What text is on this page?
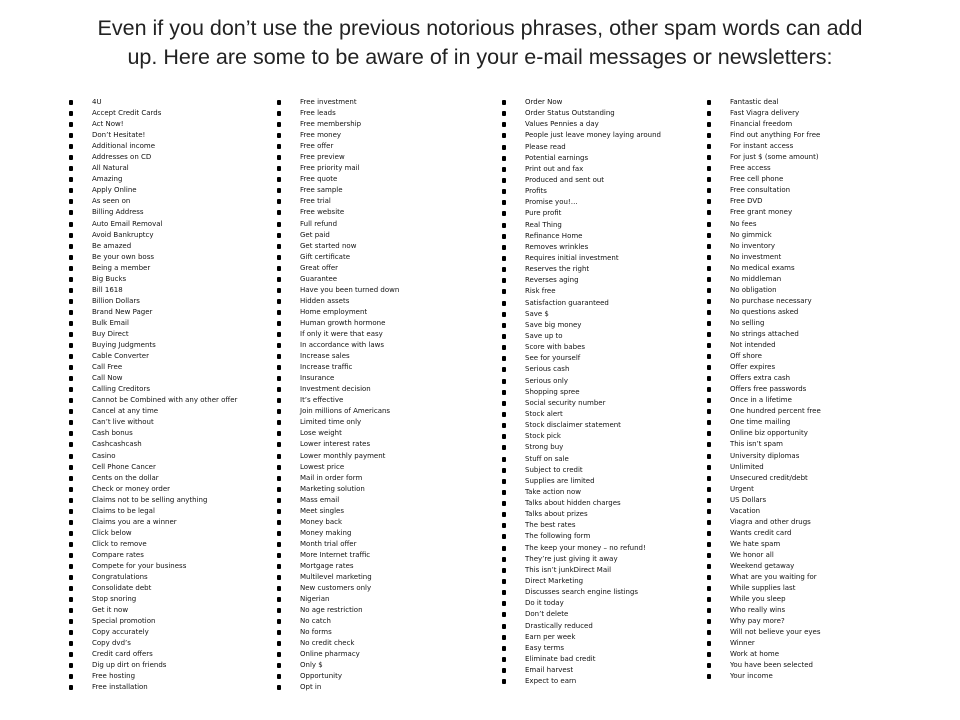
Even if you don’t use the previous notorious phrases, other spam words can add
up. Here are some to be aware of in your e-mail messages or newsletters:
4U
Accept Credit Cards
Act Now!
Don’t Hesitate!
Additional income
Addresses on CD
All Natural
Amazing
Apply Online
As seen on
Billing Address
Auto Email Removal
Avoid Bankruptcy
Be amazed
Be your own boss
Being a member
Big Bucks
Bill 1618
Billion Dollars
Brand New Pager
Bulk Email
Buy Direct
Buying Judgments
Cable Converter
Call Free
Call Now
Calling Creditors
Cannot be Combined with any other offer
Cancel at any time
Can’t live without
Cash bonus
Cashcashcash
Casino
Cell Phone Cancer
Cents on the dollar
Check or money order
Claims not to be selling anything
Claims to be legal
Claims you are a winner
Click below
Click to remove
Compare rates
Compete for your business
Congratulations
Consolidate debt
Stop snoring
Get it now
Special promotion
Copy accurately
Copy dvd’s
Credit card offers
Dig up dirt on friends
Free hosting
Free installation
Free investment
Free leads
Free membership
Free money
Free offer
Free preview
Free priority mail
Free quote
Free sample
Free trial
Free website
Full refund
Get paid
Get started now
Gift certificate
Great offer
Guarantee
Have you been turned down
Hidden assets
Home employment
Human growth hormone
If only it were that easy
In accordance with laws
Increase sales
Increase traffic
Insurance
Investment decision
It’s effective
Join millions of Americans
Limited time only
Lose weight
Lower interest rates
Lower monthly payment
Lowest price
Mail in order form
Marketing solution
Mass email
Meet singles
Money back
Money making
Month trial offer
More Internet traffic
Mortgage rates
Multilevel marketing
New customers only
Nigerian
No age restriction
No catch
No forms
No credit check
Online pharmacy
Only $
Opportunity
Opt in
Order Now
Order Status Outstanding
Values Pennies a day
People just leave money laying around
Please read
Potential earnings
Print out and fax
Produced and sent out
Profits
Promise you!…
Pure profit
Real Thing
Refinance Home
Removes wrinkles
Requires initial investment
Reserves the right
Reverses aging
Risk free
Satisfaction guaranteed
Save $
Save big money
Save up to
Score with babes
See for yourself
Serious cash
Serious only
Shopping spree
Social security number
Stock alert
Stock disclaimer statement
Stock pick
Strong buy
Stuff on sale
Subject to credit
Supplies are limited
Take action now
Talks about hidden charges
Talks about prizes
The best rates
The following form
The keep your money – no refund!
They’re just giving it away
This isn’t junkDirect Mail
Direct Marketing
Discusses search engine listings
Do it today
Don’t delete
Drastically reduced
Earn per week
Easy terms
Eliminate bad credit
Email harvest
Expect to earn
Fantastic deal
Fast Viagra delivery
Financial freedom
Find out anything For free
For instant access
For just $ (some amount)
Free access
Free cell phone
Free consultation
Free DVD
Free grant money
No fees
No gimmick
No inventory
No investment
No medical exams
No middleman
No obligation
No purchase necessary
No questions asked
No selling
No strings attached
Not intended
Off shore
Offer expires
Offers extra cash
Offers free passwords
Once in a lifetime
One hundred percent free
One time mailing
Online biz opportunity
This isn’t spam
University diplomas
Unlimited
Unsecured credit/debt
Urgent
US Dollars
Vacation
Viagra and other drugs
Wants credit card
We hate spam
We honor all
Weekend getaway
What are you waiting for
While supplies last
While you sleep
Who really wins
Why pay more?
Will not believe your eyes
Winner
Work at home
You have been selected
Your income
